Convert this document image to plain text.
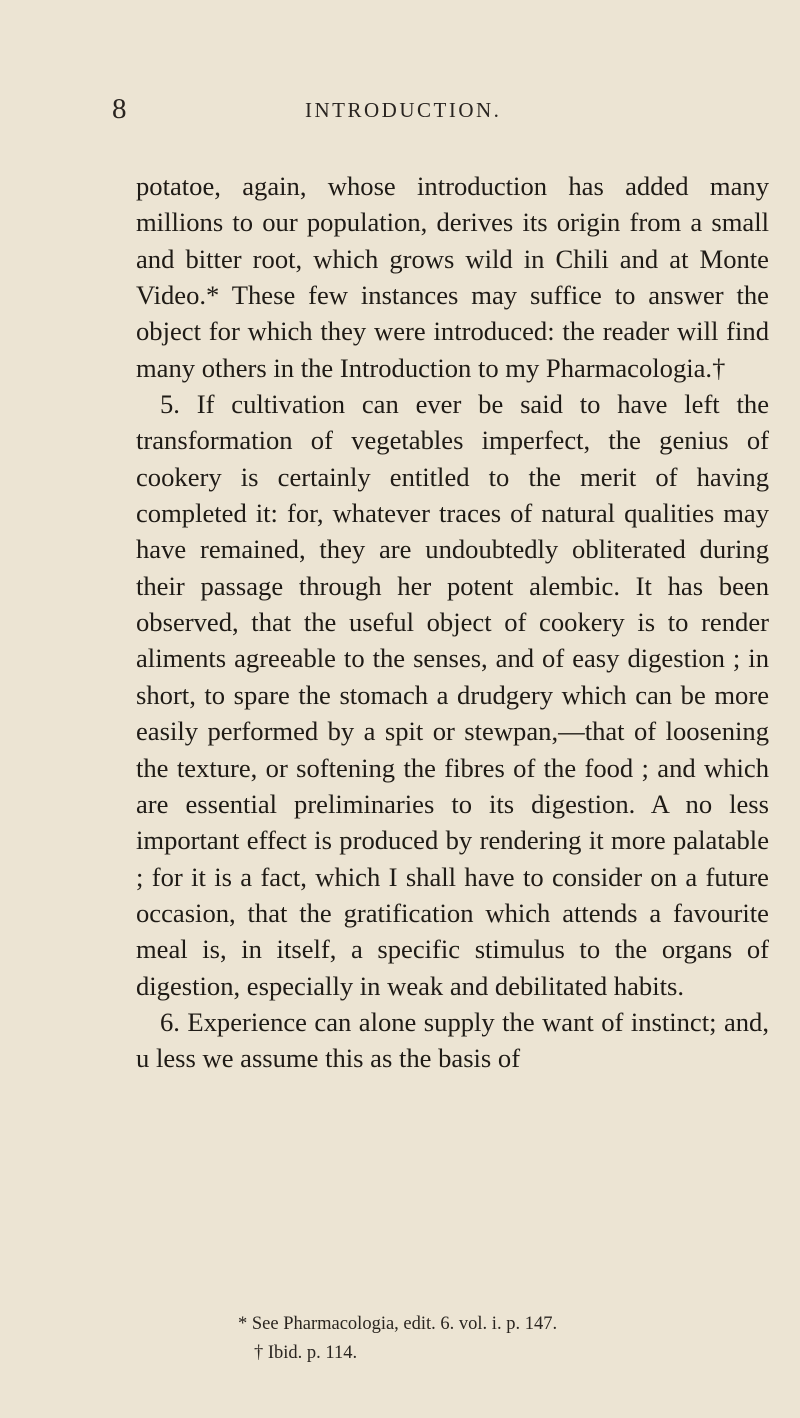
8	INTRODUCTION.

potatoe, again, whose introduction has added many millions to our population, derives its origin from a small and bitter root, which grows wild in Chili and at Monte Video.* These few instances may suffice to answer the object for which they were introduced: the reader will find many others in the Introduction to my Pharmacologia.†

5. If cultivation can ever be said to have left the transformation of vegetables imperfect, the genius of cookery is certainly entitled to the merit of having completed it: for, whatever traces of natural qualities may have remained, they are undoubtedly obliterated during their passage through her potent alembic. It has been observed, that the useful object of cookery is to render aliments agreeable to the senses, and of easy digestion ; in short, to spare the stomach a drudgery which can be more easily performed by a spit or stewpan,—that of loosening the texture, or softening the fibres of the food ; and which are essential preliminaries to its digestion. A no less important effect is produced by rendering it more palatable ; for it is a fact, which I shall have to consider on a future occasion, that the gratification which attends a favourite meal is, in itself, a specific stimulus to the organs of digestion, especially in weak and debilitated habits.

6. Experience can alone supply the want of instinct; and, u less we assume this as the basis of

* See Pharmacologia, edit. 6. vol. i. p. 147.
† Ibid. p. 114.
